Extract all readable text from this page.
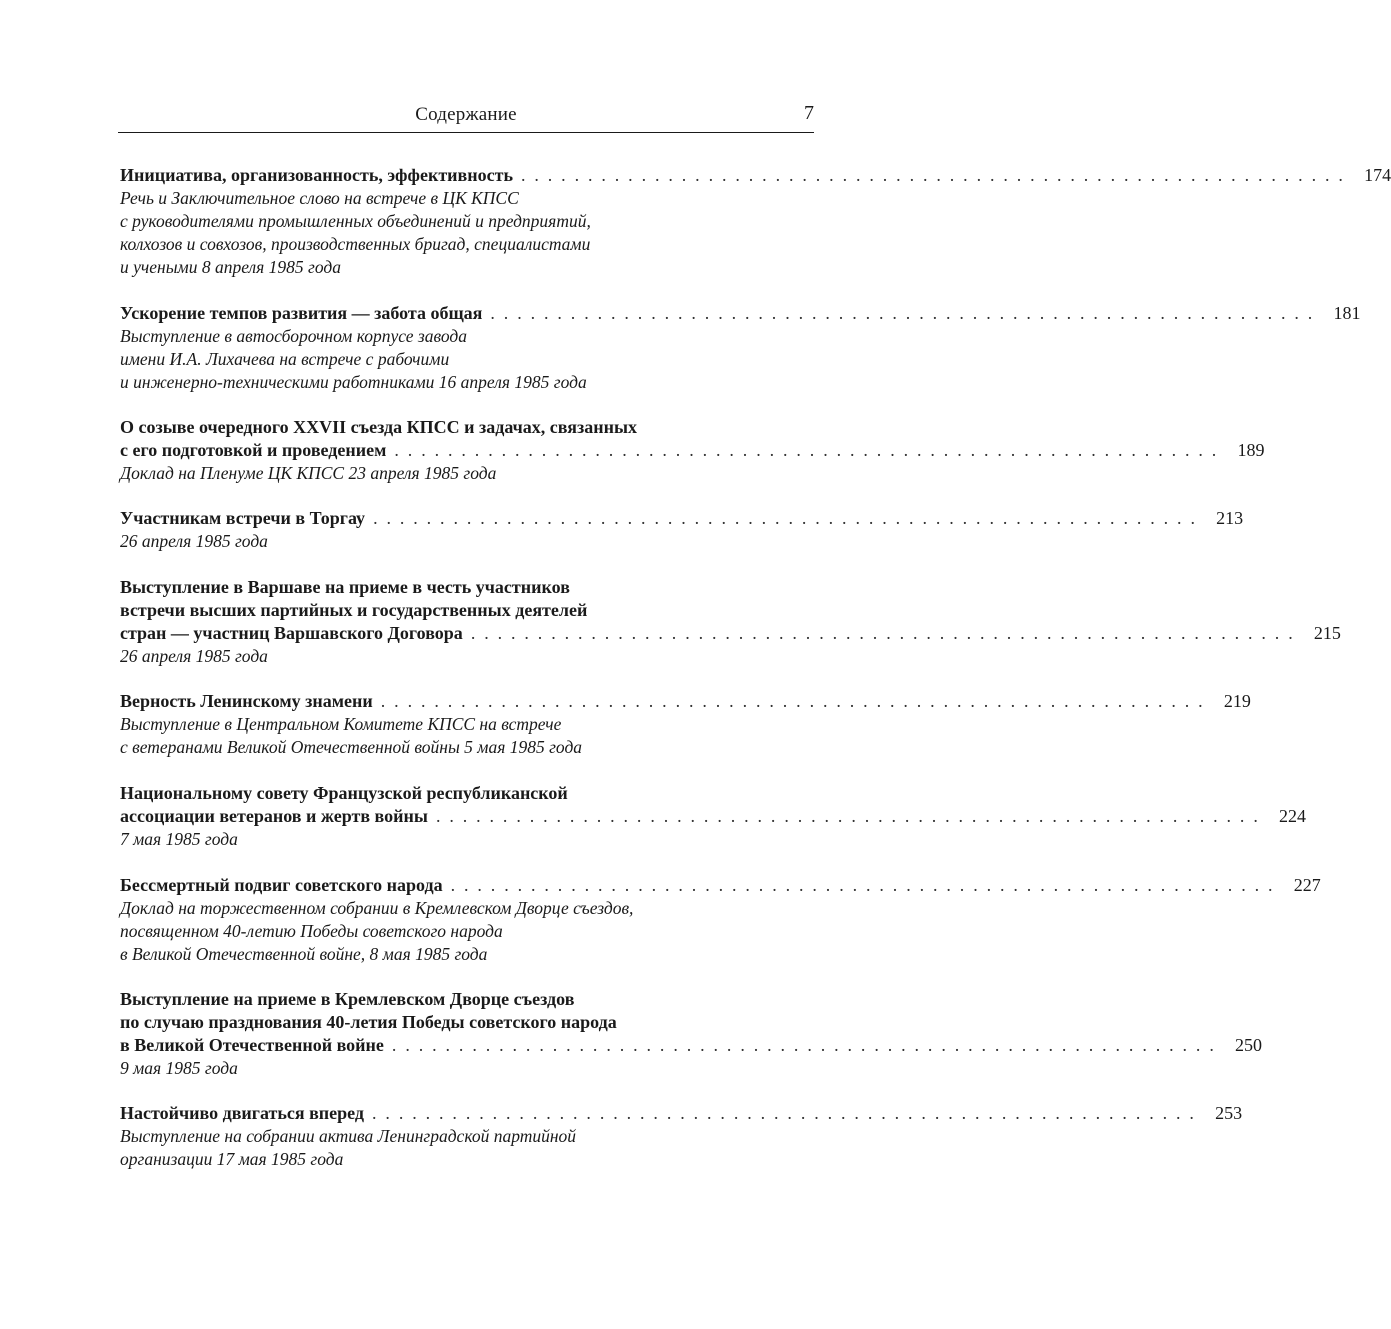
Содержание	7
Инициатива, организованность, эффективность . . . . . . . . . . . . . . . . . . . . . . . . . . . . . . . . . . . . . . . . . . . . . . . . . . . . . . . . . . . . . .	174
Речь и Заключительное слово на встрече в ЦК КПСС
с руководителями промышленных объединений и предприятий,
колхозов и совхозов, производственных бригад, специалистами
и учеными 8 апреля 1985 года
Ускорение темпов развития — забота общая . . . . . . . . . . . . . . . . . . . . . . . . . . . . . . . . . . . . . . . . . . . . . . . . . . . . . . . . . . . . . .	181
Выступление в автосборочном корпусе завода
имени И.А. Лихачева на встрече с рабочими
и инженерно-техническими работниками 16 апреля 1985 года
О созыве очередного XXVII съезда КПСС и задачах, связанных
с его подготовкой и проведением . . . . . . . . . . . . . . . . . . . . . . . . . . . . . . . . . . . . . . . . . . . . . . . . . . . . . . . . . . . . . .	189
Доклад на Пленуме ЦК КПСС 23 апреля 1985 года
Участникам встречи в Торгау . . . . . . . . . . . . . . . . . . . . . . . . . . . . . . . . . . . . . . . . . . . . . . . . . . . . . . . . . . . . . .	213
26 апреля 1985 года
Выступление в Варшаве на приеме в честь участников
встречи высших партийных и государственных деятелей
стран — участниц Варшавского Договора . . . . . . . . . . . . . . . . . . . . . . . . . . . . . . . . . . . . . . . . . . . . . . . . . . . . . . . . . . . . . .	215
26 апреля 1985 года
Верность Ленинскому знамени . . . . . . . . . . . . . . . . . . . . . . . . . . . . . . . . . . . . . . . . . . . . . . . . . . . . . . . . . . . . . .	219
Выступление в Центральном Комитете КПСС на встрече
с ветеранами Великой Отечественной войны 5 мая 1985 года
Национальному совету Французской республиканской
ассоциации ветеранов и жертв войны . . . . . . . . . . . . . . . . . . . . . . . . . . . . . . . . . . . . . . . . . . . . . . . . . . . . . . . . . . . . . .	224
7 мая 1985 года
Бессмертный подвиг советского народа . . . . . . . . . . . . . . . . . . . . . . . . . . . . . . . . . . . . . . . . . . . . . . . . . . . . . . . . . . . . . .	227
Доклад на торжественном собрании в Кремлевском Дворце съездов,
посвященном 40-летию Победы советского народа
в Великой Отечественной войне, 8 мая 1985 года
Выступление на приеме в Кремлевском Дворце съездов
по случаю празднования 40-летия Победы советского народа
в Великой Отечественной войне . . . . . . . . . . . . . . . . . . . . . . . . . . . . . . . . . . . . . . . . . . . . . . . . . . . . . . . . . . . . . .	250
9 мая 1985 года
Настойчиво двигаться вперед . . . . . . . . . . . . . . . . . . . . . . . . . . . . . . . . . . . . . . . . . . . . . . . . . . . . . . . . . . . . . .	253
Выступление на собрании актива Ленинградской партийной
организации 17 мая 1985 года
